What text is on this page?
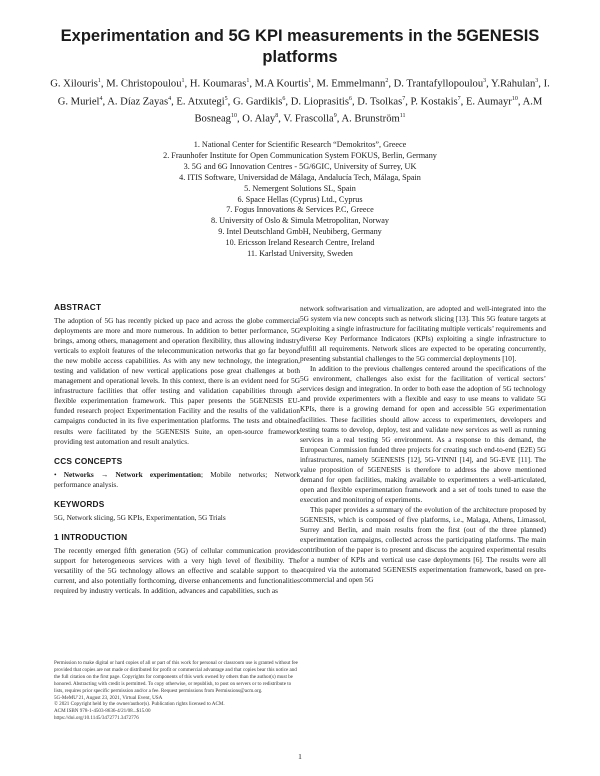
Experimentation and 5G KPI measurements in the 5GENESIS platforms
G. Xilouris$^1$, M. Christopoulou$^1$, H. Koumaras$^1$, M.A Kourtis$^1$, M. Emmelmann$^2$, D. Trantafyllopoulou$^3$, Y.Rahulan$^3$, I. G. Muriel$^4$, A. Díaz Zayas$^4$, E. Atxutegi$^5$, G. Gardikis$^6$, D. Lioprasitis$^6$, D. Tsolkas$^7$, P. Kostakis$^7$, E. Aumayr$^{10}$, A.M Bosneag$^{10}$, O. Alay$^8$, V. Frascolla$^9$, A. Brunström$^{11}$
1. National Center for Scientific Research “Demokritos”, Greece
2. Fraunhofer Institute for Open Communication System FOKUS, Berlin, Germany
3. 5G and 6G Innovation Centres - 5G/6GIC, University of Surrey, UK
4. ITIS Software, Universidad de Málaga, Andalucía Tech, Málaga, Spain
5. Nemergent Solutions SL, Spain
6. Space Hellas (Cyprus) Ltd., Cyprus
7. Fogus Innovations & Services P.C, Greece
8. University of Oslo & Simula Metropolitan, Norway
9. Intel Deutschland GmbH, Neubiberg, Germany
10. Ericsson Ireland Research Centre, Ireland
11. Karlstad University, Sweden
ABSTRACT

The adoption of 5G has recently picked up pace and across the globe commercial deployments are more and more numerous. In addition to better performance, 5G brings, among others, management and operation flexibility, thus allowing industry verticals to exploit features of the telecommunication networks that go far beyond the new mobile access capabilities. As with any new technology, the integration, testing and validation of new vertical applications pose great challenges at both management and operational levels. In this context, there is an evident need for 5G infrastructure facilities that offer testing and validation capabilities through a flexible experimentation framework. This paper presents the 5GENESIS EU-funded research project Experimentation Facility and the results of the validation campaigns conducted in its five experimentation platforms. The tests and obtained results were facilitated by the 5GENESIS Suite, an open-source framework providing test automation and result analytics.

CCS CONCEPTS

• Networks → Network experimentation; Mobile networks; Network performance analysis.

KEYWORDS

5G, Network slicing, 5G KPIs, Experimentation, 5G Trials

1 INTRODUCTION

The recently emerged fifth generation (5G) of cellular communication provides support for heterogeneous services with a very high level of flexibility. The versatility of the 5G technology allows an effective and scalable support to the current, and also potentially forthcoming, diverse enhancements and functionalities required by industry verticals. In addition, advances and capabilities, such as

network softwarisation and virtualization, are adopted and well-integrated into the 5G system via new concepts such as network slicing [13]. This 5G feature targets at exploiting a single infrastructure for facilitating multiple verticals’ requirements and diverse Key Performance Indicators (KPIs) exploiting a single infrastructure to fulfill all requirements. Network slices are expected to be operating concurrently, presenting substantial challenges to the 5G commercial deployments [10].

In addition to the previous challenges centered around the specifications of the 5G environment, challenges also exist for the facilitation of vertical sectors’ services design and integration. In order to both ease the adoption of 5G technology and provide experimenters with a flexible and easy to use means to validate 5G KPIs, there is a growing demand for open and accessible 5G experimentation facilities. These facilities should allow access to experimenters, developers and testing teams to develop, deploy, test and validate new services as well as running services in a real testing 5G environment. As a response to this demand, the European Commission funded three projects for creating such end-to-end (E2E) 5G infrastructures, namely 5GENESIS [12], 5G-VINNI [14], and 5G-EVE [11]. The value proposition of 5GENESIS is therefore to address the above mentioned demand for open facilities, making available to experimenters a well-articulated, open and flexible experimentation framework and a set of tools tuned to ease the execution and monitoring of experiments.

This paper provides a summary of the evolution of the architecture proposed by 5GENESIS, which is composed of five platforms, i.e., Malaga, Athens, Limassol, Surrey and Berlin, and main results from the first (out of the three planned) experimentation campaigns, collected across the participating platforms. The main contribution of the paper is to present and discuss the acquired experimental results for a number of KPIs and vertical use case deployments [6]. The results were all acquired via the automated 5GENESIS experimentation framework, based on pre-commercial and open 5G

Permission to make digital or hard copies of all or part of this work for personal or classroom use is granted without fee provided that copies are not made or distributed for profit or commercial advantage and that copies bear this notice and the full citation on the first page. Copyrights for components of this work owned by others than the author(s) must be honored. Abstracting with credit is permitted. To copy otherwise, or republish, to post on servers or to redistribute to lists, requires prior specific permission and/or a fee. Request permissions from Permissions@acm.org.

5G-MeMU’21, August 23, 2021, Virtual Event, USA

© 2021 Copyright held by the owner/author(s). Publication rights licensed to ACM.

ACM ISBN 978-1-4503-8636-4/21/08...$15.00

https://doi.org/10.1145/3472771.3472776

1
